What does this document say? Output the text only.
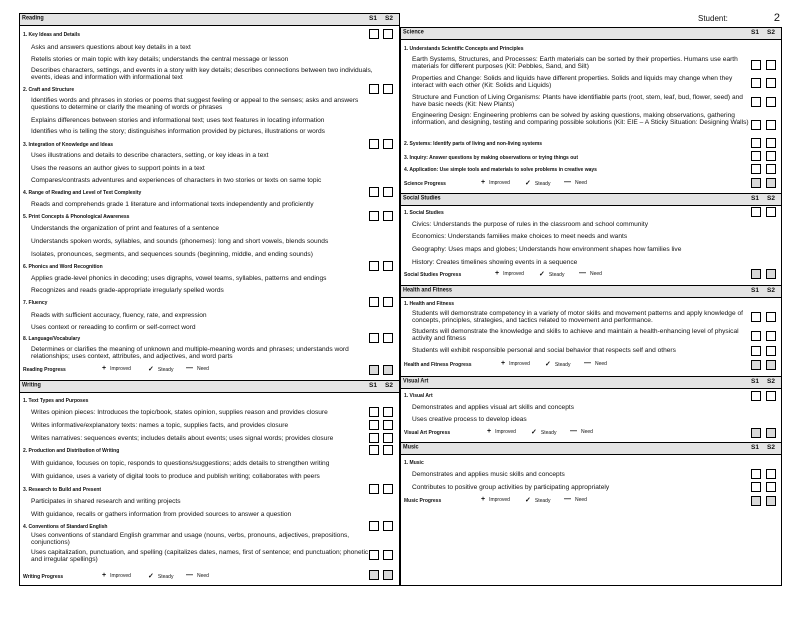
Student:	2
Reading	S1 S2
1. Key Ideas and Details
Asks and answers questions about key details in a text
Retells stories or main topic with key details; understands the central message or lesson
Describes characters, settings, and events in a story with key details; describes connections between two individuals, events, ideas and information with informational text
2. Craft and Structure
Identifies words and phrases in stories or poems that suggest feeling or appeal to the senses; asks and answers questions to determine or clarify the meaning of words or phrases
Explains differences between stories and informational text; uses text features in locating information
Identifies who is telling the story; distinguishes information provided by pictures, illustrations or words
3. Integration of Knowledge and Ideas
Uses illustrations and details to describe characters, setting, or key ideas in a text
Uses the reasons an author gives to support points in a text
Compares/contrasts adventures and experiences of characters in two stories or texts on same topic
4. Range of Reading and Level of Text Complexity
Reads and comprehends grade 1 literature and informational texts independently and proficiently
5. Print Concepts & Phonological Awareness
Understands the organization of print and features of a sentence
Understands spoken words, syllables, and sounds (phonemes): long and short vowels, blends sounds
Isolates, pronounces, segments, and sequences sounds (beginning, middle, and ending sounds)
6. Phonics and Word Recognition
Applies grade-level phonics in decoding; uses digraphs, vowel teams, syllables, patterns and endings
Recognizes and reads grade-appropriate irregularly spelled words
7. Fluency
Reads with sufficient accuracy, fluency, rate, and expression
Uses context or rereading to confirm or self-correct word
8. Language/Vocabulary
Determines or clarifies the meaning of unknown and multiple-meaning words and phrases; understands word relationships; uses context, attributes, and adjectives, and word parts
Reading Progress	+ Improved ✓ Steady — Need
Writing	S1 S2
1. Text Types and Purposes
Writes opinion pieces: Introduces the topic/book, states opinion, supplies reason and provides closure
Writes informative/explanatory texts: names a topic, supplies facts, and provides closure
Writes narratives: sequences events; includes details about events; uses signal words; provides closure
2. Production and Distribution of Writing
With guidance, focuses on topic, responds to questions/suggestions; adds details to strengthen writing
With guidance, uses a variety of digital tools to produce and publish writing; collaborates with peers
3. Research to Build and Present
Participates in shared research and writing projects
With guidance, recalls or gathers information from provided sources to answer a question
4. Conventions of Standard English
Uses conventions of standard English grammar and usage (nouns, verbs, pronouns, adjectives, prepositions, conjunctions)
Uses capitalization, punctuation, and spelling (capitalizes dates, names, first of sentence; end punctuation; phonetic and irregular spellings)
Writing Progress	+ Improved ✓ Steady — Need
Science	S1 S2
1. Understands Scientific Concepts and Principles
Earth Systems, Structures, and Processes: Earth materials can be sorted by their properties. Humans use earth materials for different purposes (Kit: Pebbles, Sand, and Silt)
Properties and Change: Solids and liquids have different properties. Solids and liquids may change when they interact with each other (Kit: Solids and Liquids)
Structure and Function of Living Organisms: Plants have identifiable parts (root, stem, leaf, bud, flower, seed) and have basic needs (Kit: New Plants)
Engineering Design: Engineering problems can be solved by asking questions, making observations, gathering information, and designing, testing and comparing possible solutions (Kit: EIE – A Sticky Situation: Designing Walls)
2. Systems: Identify parts of living and non-living systems
3. Inquiry: Answer questions by making observations or trying things out
4. Application: Use simple tools and materials to solve problems in creative ways
Science Progress	+ Improved ✓ Steady — Need
Social Studies	S1 S2
1. Social Studies
Civics: Understands the purpose of rules in the classroom and school community
Economics: Understands families make choices to meet needs and wants
Geography: Uses maps and globes; Understands how environment shapes how families live
History: Creates timelines showing events in a sequence
Social Studies Progress	+ Improved ✓ Steady — Need
Health and Fitness	S1 S2
1. Health and Fitness
Students will demonstrate competency in a variety of motor skills and movement patterns and apply knowledge of concepts, principles, strategies, and tactics related to movement and performance.
Students will demonstrate the knowledge and skills to achieve and maintain a health-enhancing level of physical activity and fitness
Students will exhibit responsible personal and social behavior that respects self and others
Health and Fitness Progress	+ Improved ✓ Steady — Need
Visual Art	S1 S2
1. Visual Art
Demonstrates and applies visual art skills and concepts
Uses creative process to develop ideas
Visual Art Progress	+ Improved ✓ Steady — Need
Music	S1 S2
1. Music
Demonstrates and applies music skills and concepts
Contributes to positive group activities by participating appropriately
Music Progress	+ Improved ✓ Steady — Need
